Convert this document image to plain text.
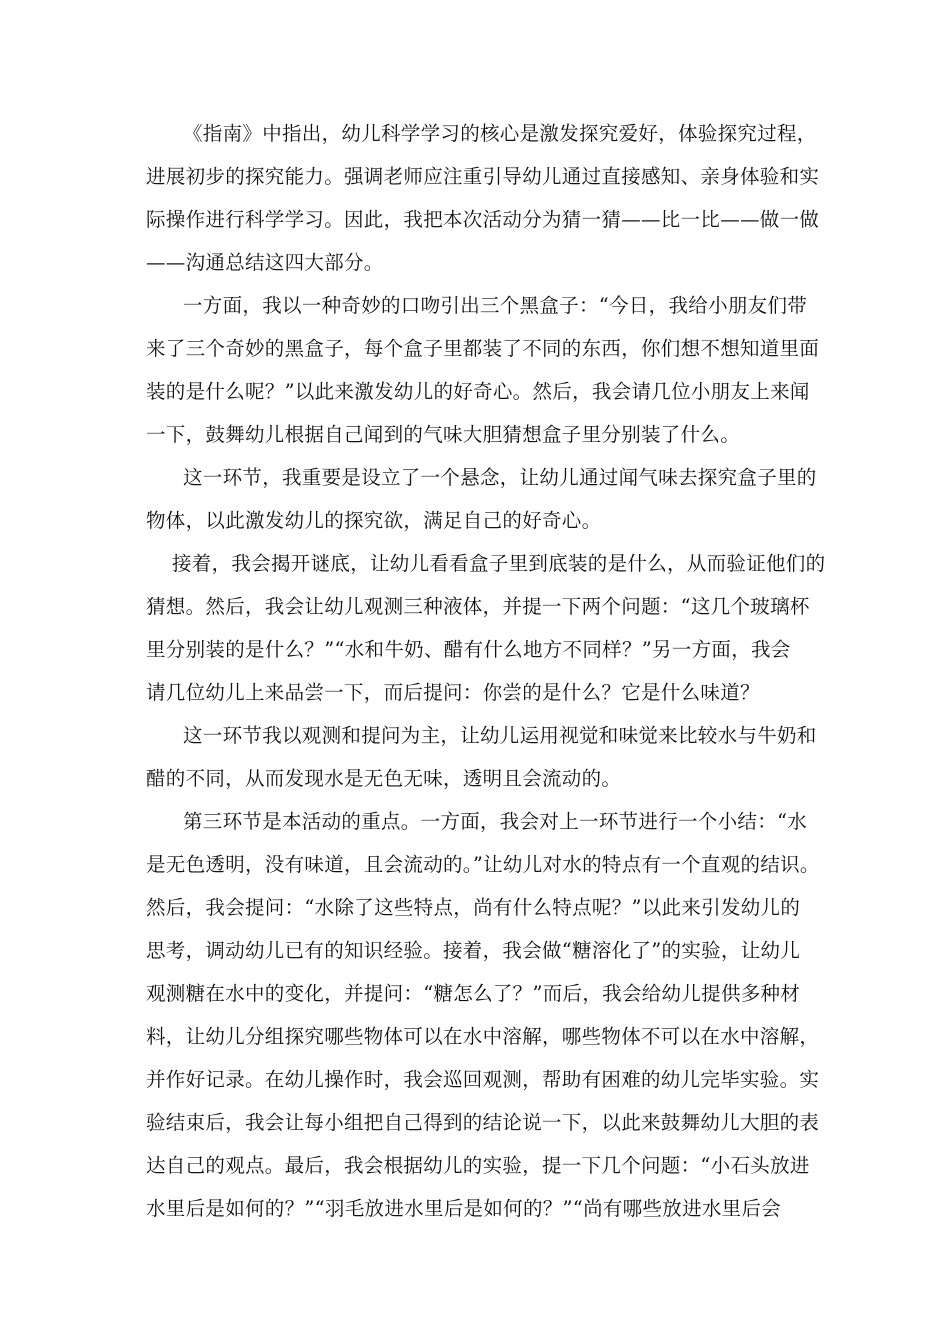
《指南》中指出，幼儿科学学习的核心是激发探究爱好，体验探究过程，
进展初步的探究能力。强调老师应注重引导幼儿通过直接感知、亲身体验和实
际操作进行科学学习。因此，我把本次活动分为猜一猜——比一比——做一做
——沟通总结这四大部分。
一方面，我以一种奇妙的口吻引出三个黑盒子：“今日，我给小朋友们带
来了三个奇妙的黑盒子，每个盒子里都装了不同的东西，你们想不想知道里面
装的是什么呢？”以此来激发幼儿的好奇心。然后，我会请几位小朋友上来闻
一下，鼓舞幼儿根据自己闻到的气味大胆猜想盒子里分别装了什么。
这一环节，我重要是设立了一个悬念，让幼儿通过闻气味去探究盒子里的
物体，以此激发幼儿的探究欲，满足自己的好奇心。
接着，我会揭开谜底，让幼儿看看盒子里到底装的是什么，从而验证他们的
猜想。然后，我会让幼儿观测三种液体，并提一下两个问题：“这几个玻璃杯
里分别装的是什么？”“水和牛奶、醋有什么地方不同样？”另一方面，我会
请几位幼儿上来品尝一下，而后提问：你尝的是什么？它是什么味道？
这一环节我以观测和提问为主，让幼儿运用视觉和味觉来比较水与牛奶和
醋的不同，从而发现水是无色无味，透明且会流动的。
第三环节是本活动的重点。一方面，我会对上一环节进行一个小结：“水
是无色透明，没有味道，且会流动的。”让幼儿对水的特点有一个直观的结识。
然后，我会提问：“水除了这些特点，尚有什么特点呢？”以此来引发幼儿的
思考，调动幼儿已有的知识经验。接着，我会做“糖溶化了”的实验，让幼儿
观测糖在水中的变化，并提问：“糖怎么了？”而后，我会给幼儿提供多种材
料，让幼儿分组探究哪些物体可以在水中溶解，哪些物体不可以在水中溶解，
并作好记录。在幼儿操作时，我会巡回观测，帮助有困难的幼儿完毕实验。实
验结束后，我会让每小组把自己得到的结论说一下，以此来鼓舞幼儿大胆的表
达自己的观点。最后，我会根据幼儿的实验，提一下几个问题：“小石头放进
水里后是如何的？”“羽毛放进水里后是如何的？”“尚有哪些放进水里后会
